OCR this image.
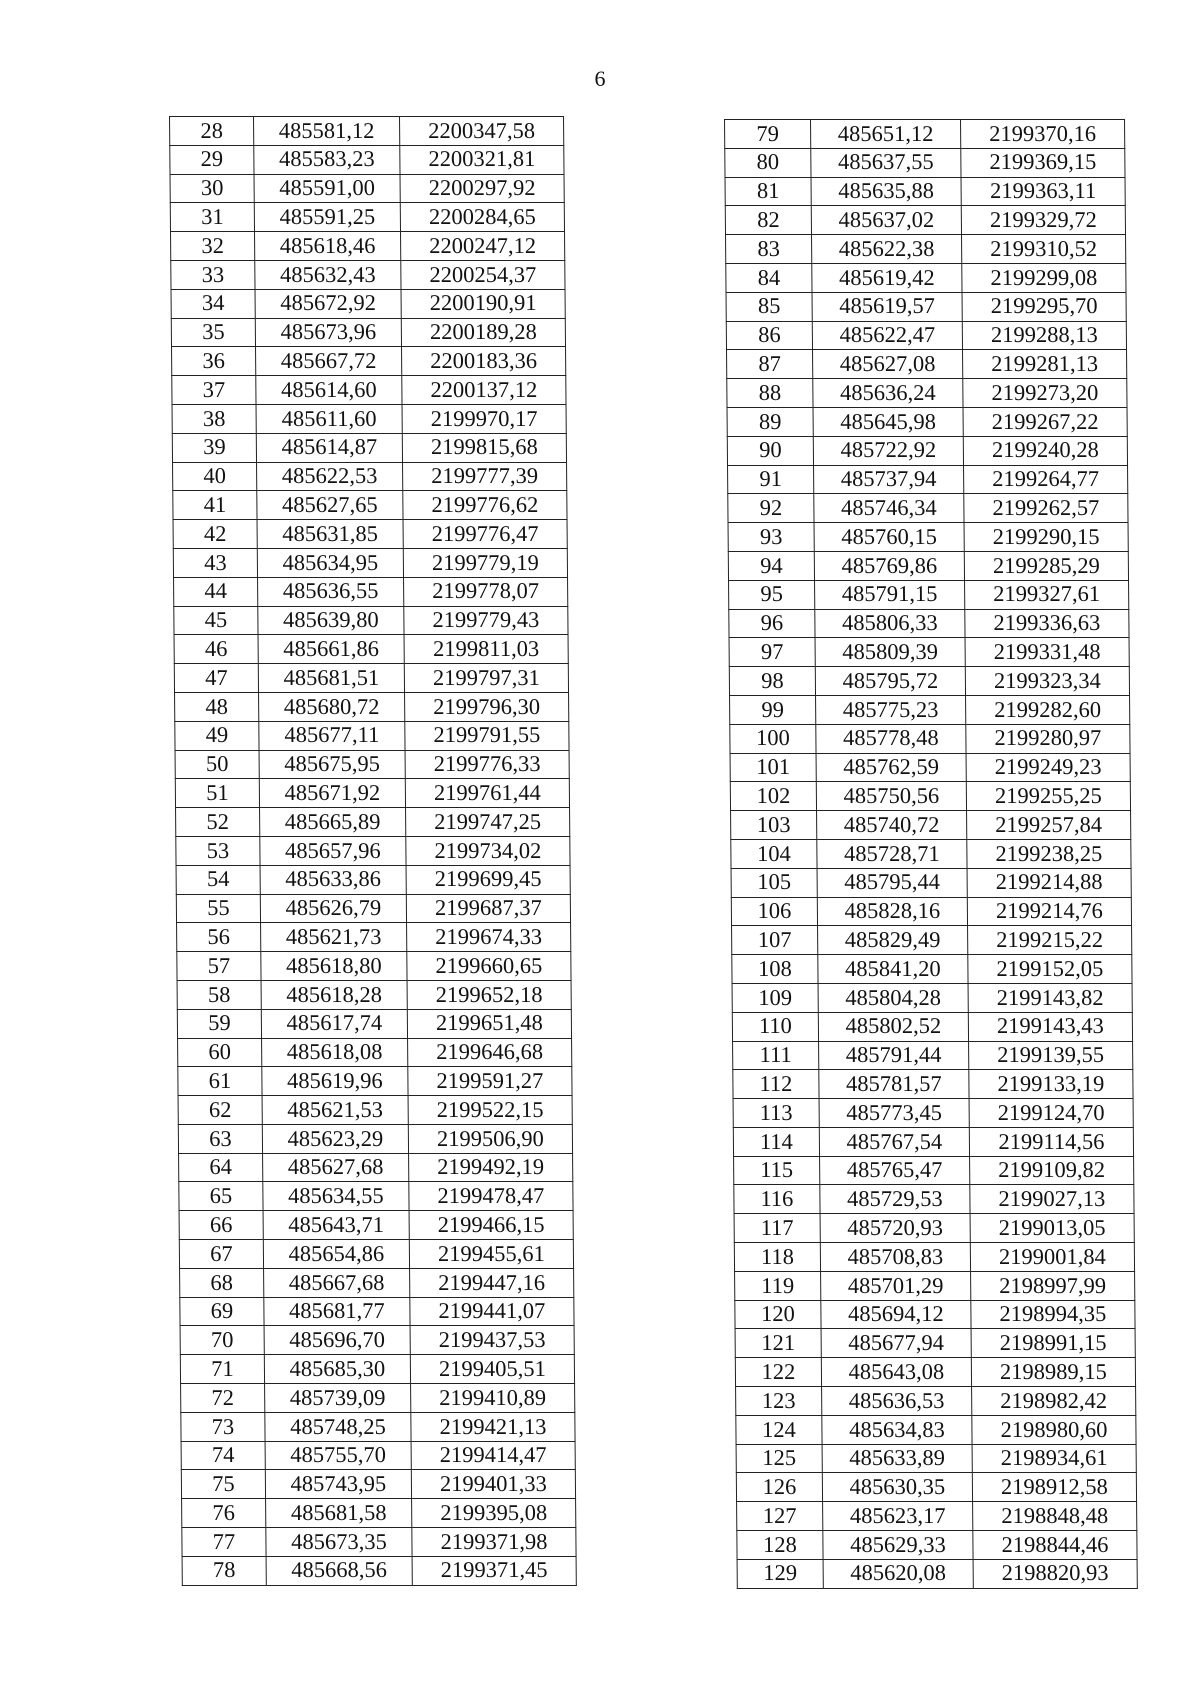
6
28	485581,12	2200347,58
29	485583,23	2200321,81
30	485591,00	2200297,92
31	485591,25	2200284,65
32	485618,46	2200247,12
33	485632,43	2200254,37
34	485672,92	2200190,91
35	485673,96	2200189,28
36	485667,72	2200183,36
37	485614,60	2200137,12
38	485611,60	2199970,17
39	485614,87	2199815,68
40	485622,53	2199777,39
41	485627,65	2199776,62
42	485631,85	2199776,47
43	485634,95	2199779,19
44	485636,55	2199778,07
45	485639,80	2199779,43
46	485661,86	2199811,03
47	485681,51	2199797,31
48	485680,72	2199796,30
49	485677,11	2199791,55
50	485675,95	2199776,33
51	485671,92	2199761,44
52	485665,89	2199747,25
53	485657,96	2199734,02
54	485633,86	2199699,45
55	485626,79	2199687,37
56	485621,73	2199674,33
57	485618,80	2199660,65
58	485618,28	2199652,18
59	485617,74	2199651,48
60	485618,08	2199646,68
61	485619,96	2199591,27
62	485621,53	2199522,15
63	485623,29	2199506,90
64	485627,68	2199492,19
65	485634,55	2199478,47
66	485643,71	2199466,15
67	485654,86	2199455,61
68	485667,68	2199447,16
69	485681,77	2199441,07
70	485696,70	2199437,53
71	485685,30	2199405,51
72	485739,09	2199410,89
73	485748,25	2199421,13
74	485755,70	2199414,47
75	485743,95	2199401,33
76	485681,58	2199395,08
77	485673,35	2199371,98
78	485668,56	2199371,45
79	485651,12	2199370,16
80	485637,55	2199369,15
81	485635,88	2199363,11
82	485637,02	2199329,72
83	485622,38	2199310,52
84	485619,42	2199299,08
85	485619,57	2199295,70
86	485622,47	2199288,13
87	485627,08	2199281,13
88	485636,24	2199273,20
89	485645,98	2199267,22
90	485722,92	2199240,28
91	485737,94	2199264,77
92	485746,34	2199262,57
93	485760,15	2199290,15
94	485769,86	2199285,29
95	485791,15	2199327,61
96	485806,33	2199336,63
97	485809,39	2199331,48
98	485795,72	2199323,34
99	485775,23	2199282,60
100	485778,48	2199280,97
101	485762,59	2199249,23
102	485750,56	2199255,25
103	485740,72	2199257,84
104	485728,71	2199238,25
105	485795,44	2199214,88
106	485828,16	2199214,76
107	485829,49	2199215,22
108	485841,20	2199152,05
109	485804,28	2199143,82
110	485802,52	2199143,43
111	485791,44	2199139,55
112	485781,57	2199133,19
113	485773,45	2199124,70
114	485767,54	2199114,56
115	485765,47	2199109,82
116	485729,53	2199027,13
117	485720,93	2199013,05
118	485708,83	2199001,84
119	485701,29	2198997,99
120	485694,12	2198994,35
121	485677,94	2198991,15
122	485643,08	2198989,15
123	485636,53	2198982,42
124	485634,83	2198980,60
125	485633,89	2198934,61
126	485630,35	2198912,58
127	485623,17	2198848,48
128	485629,33	2198844,46
129	485620,08	2198820,93
